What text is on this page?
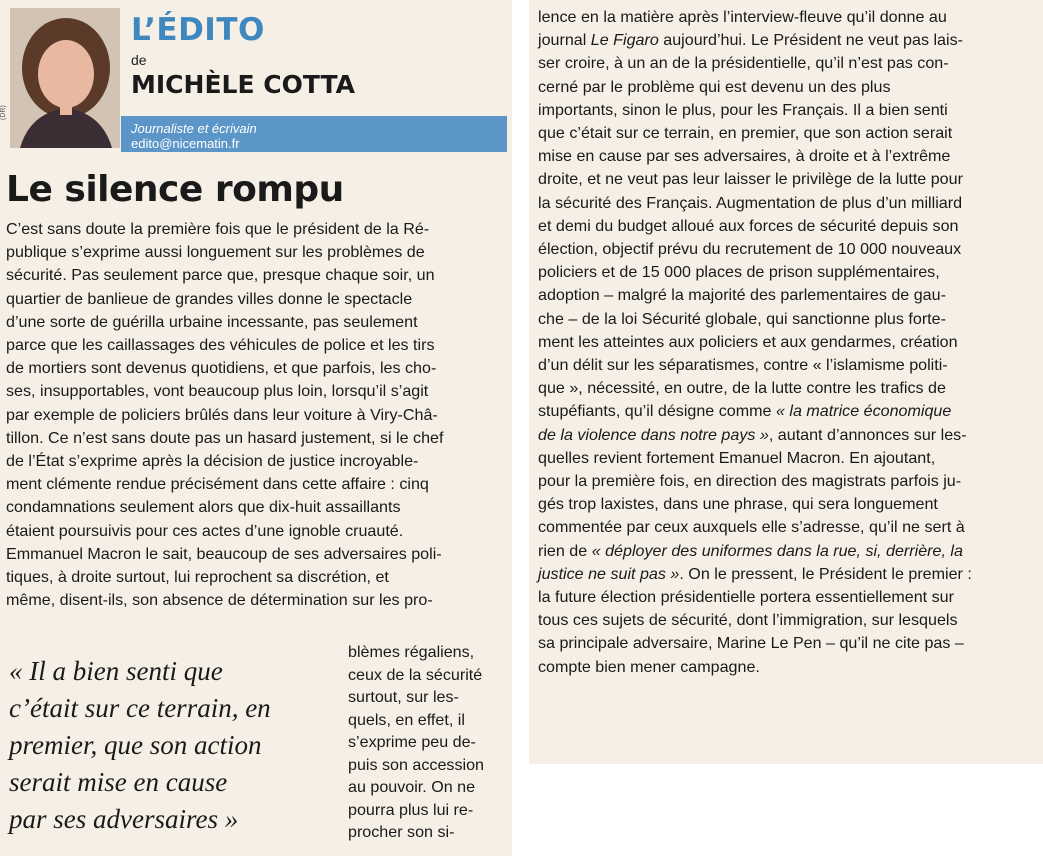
(DR)
L’ÉDITO
de
MICHÈLE COTTA
Journaliste et écrivain
edito@nicematin.fr
Le silence rompu
C’est sans doute la première fois que le président de la Ré-
publique s’exprime aussi longuement sur les problèmes de
sécurité. Pas seulement parce que, presque chaque soir, un
quartier de banlieue de grandes villes donne le spectacle
d’une sorte de guérilla urbaine incessante, pas seulement
parce que les caillassages des véhicules de police et les tirs
de mortiers sont devenus quotidiens, et que parfois, les cho-
ses, insupportables, vont beaucoup plus loin, lorsqu’il s’agit
par exemple de policiers brûlés dans leur voiture à Viry-Châ-
tillon. Ce n’est sans doute pas un hasard justement, si le chef
de l’État s’exprime après la décision de justice incroyable-
ment clémente rendue précisément dans cette affaire : cinq
condamnations seulement alors que dix-huit assaillants
étaient poursuivis pour ces actes d’une ignoble cruauté.
Emmanuel Macron le sait, beaucoup de ses adversaires poli-
tiques, à droite surtout, lui reprochent sa discrétion, et
même, disent-ils, son absence de détermination sur les pro-
« Il a bien senti que
c’était sur ce terrain, en
premier, que son action
serait mise en cause
par ses adversaires »
blèmes régaliens,
ceux de la sécurité
surtout, sur les-
quels, en effet, il
s’exprime peu de-
puis son accession
au pouvoir. On ne
pourra plus lui re-
procher son si-
lence en la matière après l’interview-fleuve qu’il donne au
journal Le Figaro aujourd’hui. Le Président ne veut pas lais-
ser croire, à un an de la présidentielle, qu’il n’est pas con-
cerné par le problème qui est devenu un des plus
importants, sinon le plus, pour les Français. Il a bien senti
que c’était sur ce terrain, en premier, que son action serait
mise en cause par ses adversaires, à droite et à l’extrême
droite, et ne veut pas leur laisser le privilège de la lutte pour
la sécurité des Français. Augmentation de plus d’un milliard
et demi du budget alloué aux forces de sécurité depuis son
élection, objectif prévu du recrutement de 10 000 nouveaux
policiers et de 15 000 places de prison supplémentaires,
adoption – malgré la majorité des parlementaires de gau-
che – de la loi Sécurité globale, qui sanctionne plus forte-
ment les atteintes aux policiers et aux gendarmes, création
d’un délit sur les séparatismes, contre « l’islamisme politi-
que », nécessité, en outre, de la lutte contre les trafics de
stupéfiants, qu’il désigne comme « la matrice économique
de la violence dans notre pays », autant d’annonces sur les-
quelles revient fortement Emanuel Macron. En ajoutant,
pour la première fois, en direction des magistrats parfois ju-
gés trop laxistes, dans une phrase, qui sera longuement
commentée par ceux auxquels elle s’adresse, qu’il ne sert à
rien de « déployer des uniformes dans la rue, si, derrière, la
justice ne suit pas ». On le pressent, le Président le premier :
la future élection présidentielle portera essentiellement sur
tous ces sujets de sécurité, dont l’immigration, sur lesquels
sa principale adversaire, Marine Le Pen – qu’il ne cite pas –
compte bien mener campagne.
